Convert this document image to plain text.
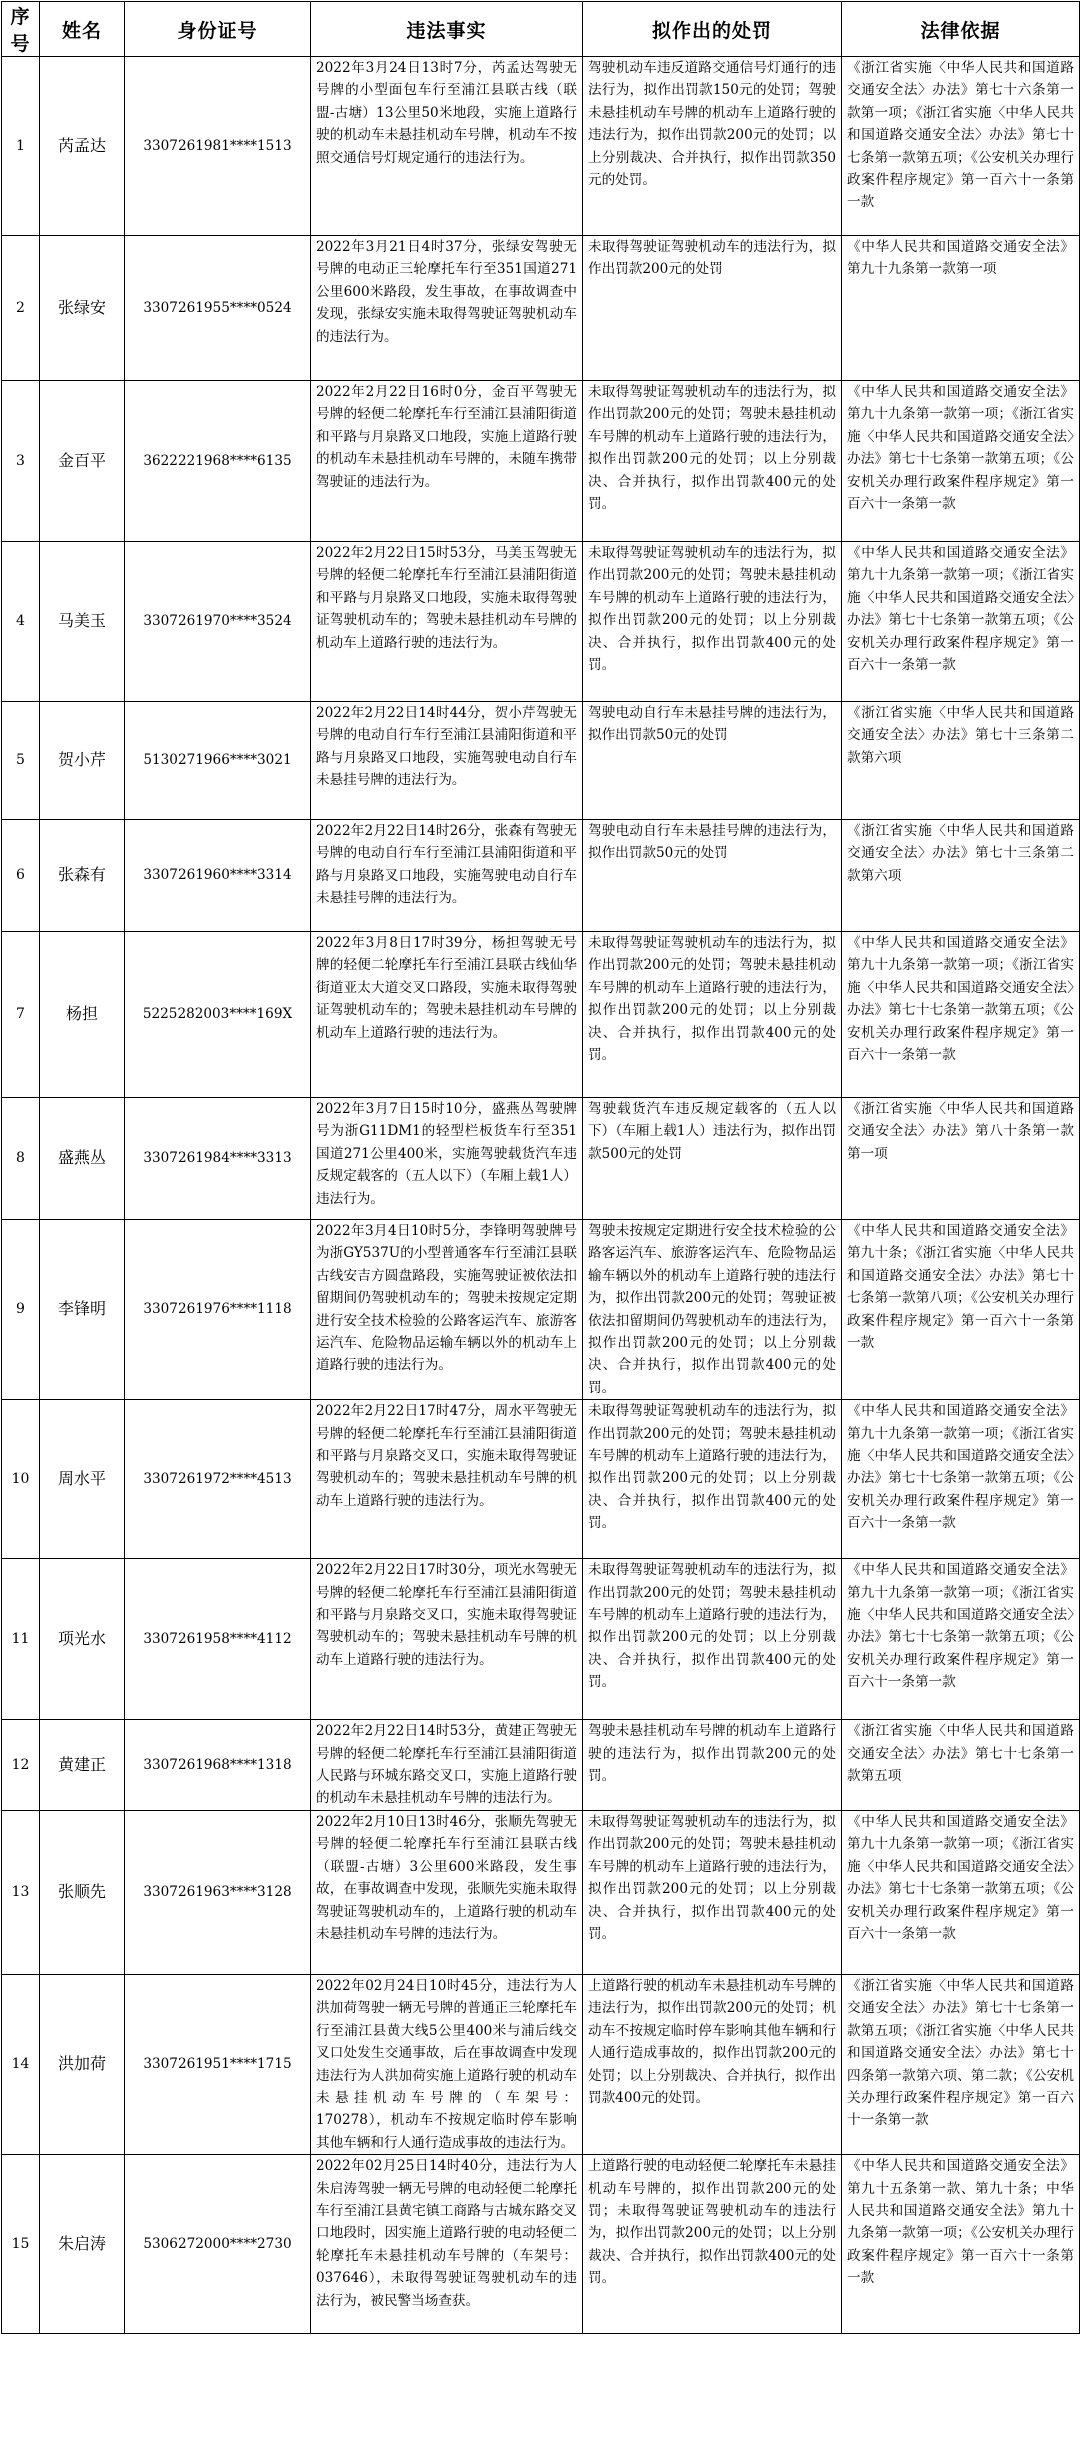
序号	姓名	身份证号	违法事实	拟作出的处罚	法律依据
1	芮孟达	3307261981****1513	2022年3月24日13时7分，芮孟达驾驶无号牌的小型面包车行至浦江县联古线（联盟-古塘）13公里50米地段，实施上道路行驶的机动车未悬挂机动车号牌，机动车不按照交通信号灯规定通行的违法行为。	驾驶机动车违反道路交通信号灯通行的违法行为，拟作出罚款150元的处罚；驾驶未悬挂机动车号牌的机动车上道路行驶的违法行为，拟作出罚款200元的处罚；以上分别裁决、合并执行，拟作出罚款350元的处罚。	《浙江省实施〈中华人民共和国道路交通安全法〉办法》第七十六条第一款第一项；《浙江省实施〈中华人民共和国道路交通安全法〉办法》第七十七条第一款第五项；《公安机关办理行政案件程序规定》第一百六十一条第一款
2	张绿安	3307261955****0524	2022年3月21日4时37分，张绿安驾驶无号牌的电动正三轮摩托车行至351国道271公里600米路段，发生事故，在事故调查中发现，张绿安实施未取得驾驶证驾驶机动车的违法行为。	未取得驾驶证驾驶机动车的违法行为，拟作出罚款200元的处罚	《中华人民共和国道路交通安全法》第九十九条第一款第一项
3	金百平	3622221968****6135	2022年2月22日16时0分，金百平驾驶无号牌的轻便二轮摩托车行至浦江县浦阳街道和平路与月泉路叉口地段，实施上道路行驶的机动车未悬挂机动车号牌的，未随车携带驾驶证的违法行为。	未取得驾驶证驾驶机动车的违法行为，拟作出罚款200元的处罚；驾驶未悬挂机动车号牌的机动车上道路行驶的违法行为，拟作出罚款200元的处罚；以上分别裁决、合并执行，拟作出罚款400元的处罚。	《中华人民共和国道路交通安全法》第九十九条第一款第一项；《浙江省实施〈中华人民共和国道路交通安全法〉办法》第七十七条第一款第五项；《公安机关办理行政案件程序规定》第一百六十一条第一款
4	马美玉	3307261970****3524	2022年2月22日15时53分，马美玉驾驶无号牌的轻便二轮摩托车行至浦江县浦阳街道和平路与月泉路叉口地段，实施未取得驾驶证驾驶机动车的；驾驶未悬挂机动车号牌的机动车上道路行驶的违法行为。	未取得驾驶证驾驶机动车的违法行为，拟作出罚款200元的处罚；驾驶未悬挂机动车号牌的机动车上道路行驶的违法行为，拟作出罚款200元的处罚；以上分别裁决、合并执行，拟作出罚款400元的处罚。	《中华人民共和国道路交通安全法》第九十九条第一款第一项；《浙江省实施〈中华人民共和国道路交通安全法〉办法》第七十七条第一款第五项；《公安机关办理行政案件程序规定》第一百六十一条第一款
5	贺小芹	5130271966****3021	2022年2月22日14时44分，贺小芹驾驶无号牌的电动自行车行至浦江县浦阳街道和平路与月泉路叉口地段，实施驾驶电动自行车未悬挂号牌的违法行为。	驾驶电动自行车未悬挂号牌的违法行为，拟作出罚款50元的处罚	《浙江省实施〈中华人民共和国道路交通安全法〉办法》第七十三条第二款第六项
6	张森有	3307261960****3314	2022年2月22日14时26分，张森有驾驶无号牌的电动自行车行至浦江县浦阳街道和平路与月泉路叉口地段，实施驾驶电动自行车未悬挂号牌的违法行为。	驾驶电动自行车未悬挂号牌的违法行为，拟作出罚款50元的处罚	《浙江省实施〈中华人民共和国道路交通安全法〉办法》第七十三条第二款第六项
7	杨担	5225282003****169X	2022年3月8日17时39分，杨担驾驶无号牌的轻便二轮摩托车行至浦江县联古线仙华街道亚太大道交叉口路段，实施未取得驾驶证驾驶机动车的；驾驶未悬挂机动车号牌的机动车上道路行驶的违法行为。	未取得驾驶证驾驶机动车的违法行为，拟作出罚款200元的处罚；驾驶未悬挂机动车号牌的机动车上道路行驶的违法行为，拟作出罚款200元的处罚；以上分别裁决、合并执行，拟作出罚款400元的处罚。	《中华人民共和国道路交通安全法》第九十九条第一款第一项；《浙江省实施〈中华人民共和国道路交通安全法〉办法》第七十七条第一款第五项；《公安机关办理行政案件程序规定》第一百六十一条第一款
8	盛燕丛	3307261984****3313	2022年3月7日15时10分，盛燕丛驾驶牌号为浙G11DM1的轻型栏板货车行至351国道271公里400米，实施驾驶载货汽车违反规定载客的（五人以下）（车厢上载1人）违法行为。	驾驶载货汽车违反规定载客的（五人以下）（车厢上载1人）违法行为，拟作出罚款500元的处罚	《浙江省实施〈中华人民共和国道路交通安全法〉办法》第八十条第一款第一项
9	李锋明	3307261976****1118	2022年3月4日10时5分，李锋明驾驶牌号为浙GY537U的小型普通客车行至浦江县联古线安吉方圆盘路段，实施驾驶证被依法扣留期间仍驾驶机动车的；驾驶未按规定定期进行安全技术检验的公路客运汽车、旅游客运汽车、危险物品运输车辆以外的机动车上道路行驶的违法行为。	驾驶未按规定定期进行安全技术检验的公路客运汽车、旅游客运汽车、危险物品运输车辆以外的机动车上道路行驶的违法行为，拟作出罚款200元的处罚；驾驶证被依法扣留期间仍驾驶机动车的违法行为，拟作出罚款200元的处罚；以上分别裁决、合并执行，拟作出罚款400元的处罚。	《中华人民共和国道路交通安全法》第九十条；《浙江省实施〈中华人民共和国道路交通安全法〉办法》第七十七条第一款第八项；《公安机关办理行政案件程序规定》第一百六十一条第一款
10	周水平	3307261972****4513	2022年2月22日17时47分，周水平驾驶无号牌的轻便二轮摩托车行至浦江县浦阳街道和平路与月泉路交叉口，实施未取得驾驶证驾驶机动车的；驾驶未悬挂机动车号牌的机动车上道路行驶的违法行为。	未取得驾驶证驾驶机动车的违法行为，拟作出罚款200元的处罚；驾驶未悬挂机动车号牌的机动车上道路行驶的违法行为，拟作出罚款200元的处罚；以上分别裁决、合并执行，拟作出罚款400元的处罚。	《中华人民共和国道路交通安全法》第九十九条第一款第一项；《浙江省实施〈中华人民共和国道路交通安全法〉办法》第七十七条第一款第五项；《公安机关办理行政案件程序规定》第一百六十一条第一款
11	项光水	3307261958****4112	2022年2月22日17时30分，项光水驾驶无号牌的轻便二轮摩托车行至浦江县浦阳街道和平路与月泉路交叉口，实施未取得驾驶证驾驶机动车的；驾驶未悬挂机动车号牌的机动车上道路行驶的违法行为。	未取得驾驶证驾驶机动车的违法行为，拟作出罚款200元的处罚；驾驶未悬挂机动车号牌的机动车上道路行驶的违法行为，拟作出罚款200元的处罚；以上分别裁决、合并执行，拟作出罚款400元的处罚。	《中华人民共和国道路交通安全法》第九十九条第一款第一项；《浙江省实施〈中华人民共和国道路交通安全法〉办法》第七十七条第一款第五项；《公安机关办理行政案件程序规定》第一百六十一条第一款
12	黄建正	3307261968****1318	2022年2月22日14时53分，黄建正驾驶无号牌的轻便二轮摩托车行至浦江县浦阳街道人民路与环城东路交叉口，实施上道路行驶的机动车未悬挂机动车号牌的违法行为。	驾驶未悬挂机动车号牌的机动车上道路行驶的违法行为，拟作出罚款200元的处罚。	《浙江省实施〈中华人民共和国道路交通安全法〉办法》第七十七条第一款第五项
13	张顺先	3307261963****3128	2022年2月10日13时46分，张顺先驾驶无号牌的轻便二轮摩托车行至浦江县联古线（联盟-古塘）3公里600米路段，发生事故，在事故调查中发现，张顺先实施未取得驾驶证驾驶机动车的，上道路行驶的机动车未悬挂机动车号牌的违法行为。	未取得驾驶证驾驶机动车的违法行为，拟作出罚款200元的处罚；驾驶未悬挂机动车号牌的机动车上道路行驶的违法行为，拟作出罚款200元的处罚；以上分别裁决、合并执行，拟作出罚款400元的处罚。	《中华人民共和国道路交通安全法》第九十九条第一款第一项；《浙江省实施〈中华人民共和国道路交通安全法〉办法》第七十七条第一款第五项；《公安机关办理行政案件程序规定》第一百六十一条第一款
14	洪加荷	3307261951****1715	2022年02月24日10时45分，违法行为人洪加荷驾驶一辆无号牌的普通正三轮摩托车行至浦江县黄大线5公里400米与浦后线交叉口处发生交通事故，后在事故调查中发现违法行为人洪加荷实施上道路行驶的机动车未悬挂机动车号牌的（车架号：170278），机动车不按规定临时停车影响其他车辆和行人通行造成事故的违法行为。	上道路行驶的机动车未悬挂机动车号牌的违法行为，拟作出罚款200元的处罚；机动车不按规定临时停车影响其他车辆和行人通行造成事故的，拟作出罚款200元的处罚；以上分别裁决、合并执行，拟作出罚款400元的处罚。	《浙江省实施〈中华人民共和国道路交通安全法〉办法》第七十七条第一款第五项；《浙江省实施〈中华人民共和国道路交通安全法〉办法》第七十四条第一款第六项、第二款；《公安机关办理行政案件程序规定》第一百六十一条第一款
15	朱启涛	5306272000****2730	2022年02月25日14时40分，违法行为人朱启涛驾驶一辆无号牌的电动轻便二轮摩托车行至浦江县黄宅镇工商路与古城东路交叉口地段时，因实施上道路行驶的电动轻便二轮摩托车未悬挂机动车号牌的（车架号：037646），未取得驾驶证驾驶机动车的违法行为，被民警当场查获。	上道路行驶的电动轻便二轮摩托车未悬挂机动车号牌的，拟作出罚款200元的处罚；未取得驾驶证驾驶机动车的违法行为，拟作出罚款200元的处罚；以上分别裁决、合并执行，拟作出罚款400元的处罚。	《中华人民共和国道路交通安全法》第九十五条第一款、第九十条；中华人民共和国道路交通安全法》第九十九条第一款第一项；《公安机关办理行政案件程序规定》第一百六十一条第一款
